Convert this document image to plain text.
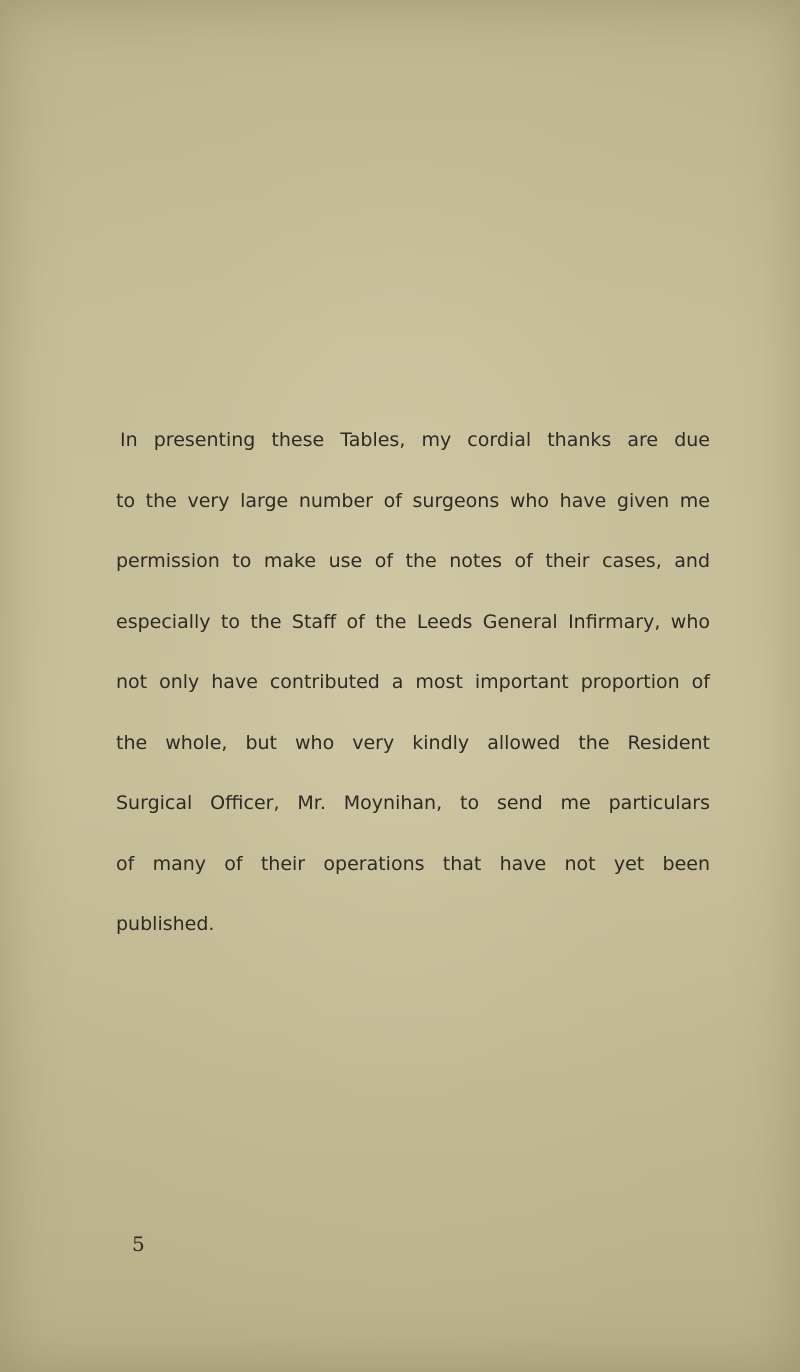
In presenting these Tables, my cordial thanks are due
to the very large number of surgeons who have given me
permission to make use of the notes of their cases, and
especially to the Staff of the Leeds General Infirmary, who
not only have contributed a most important proportion of
the whole, but who very kindly allowed the Resident
Surgical Officer, Mr. Moynihan, to send me particulars
of many of their operations that have not yet been
published.
5
